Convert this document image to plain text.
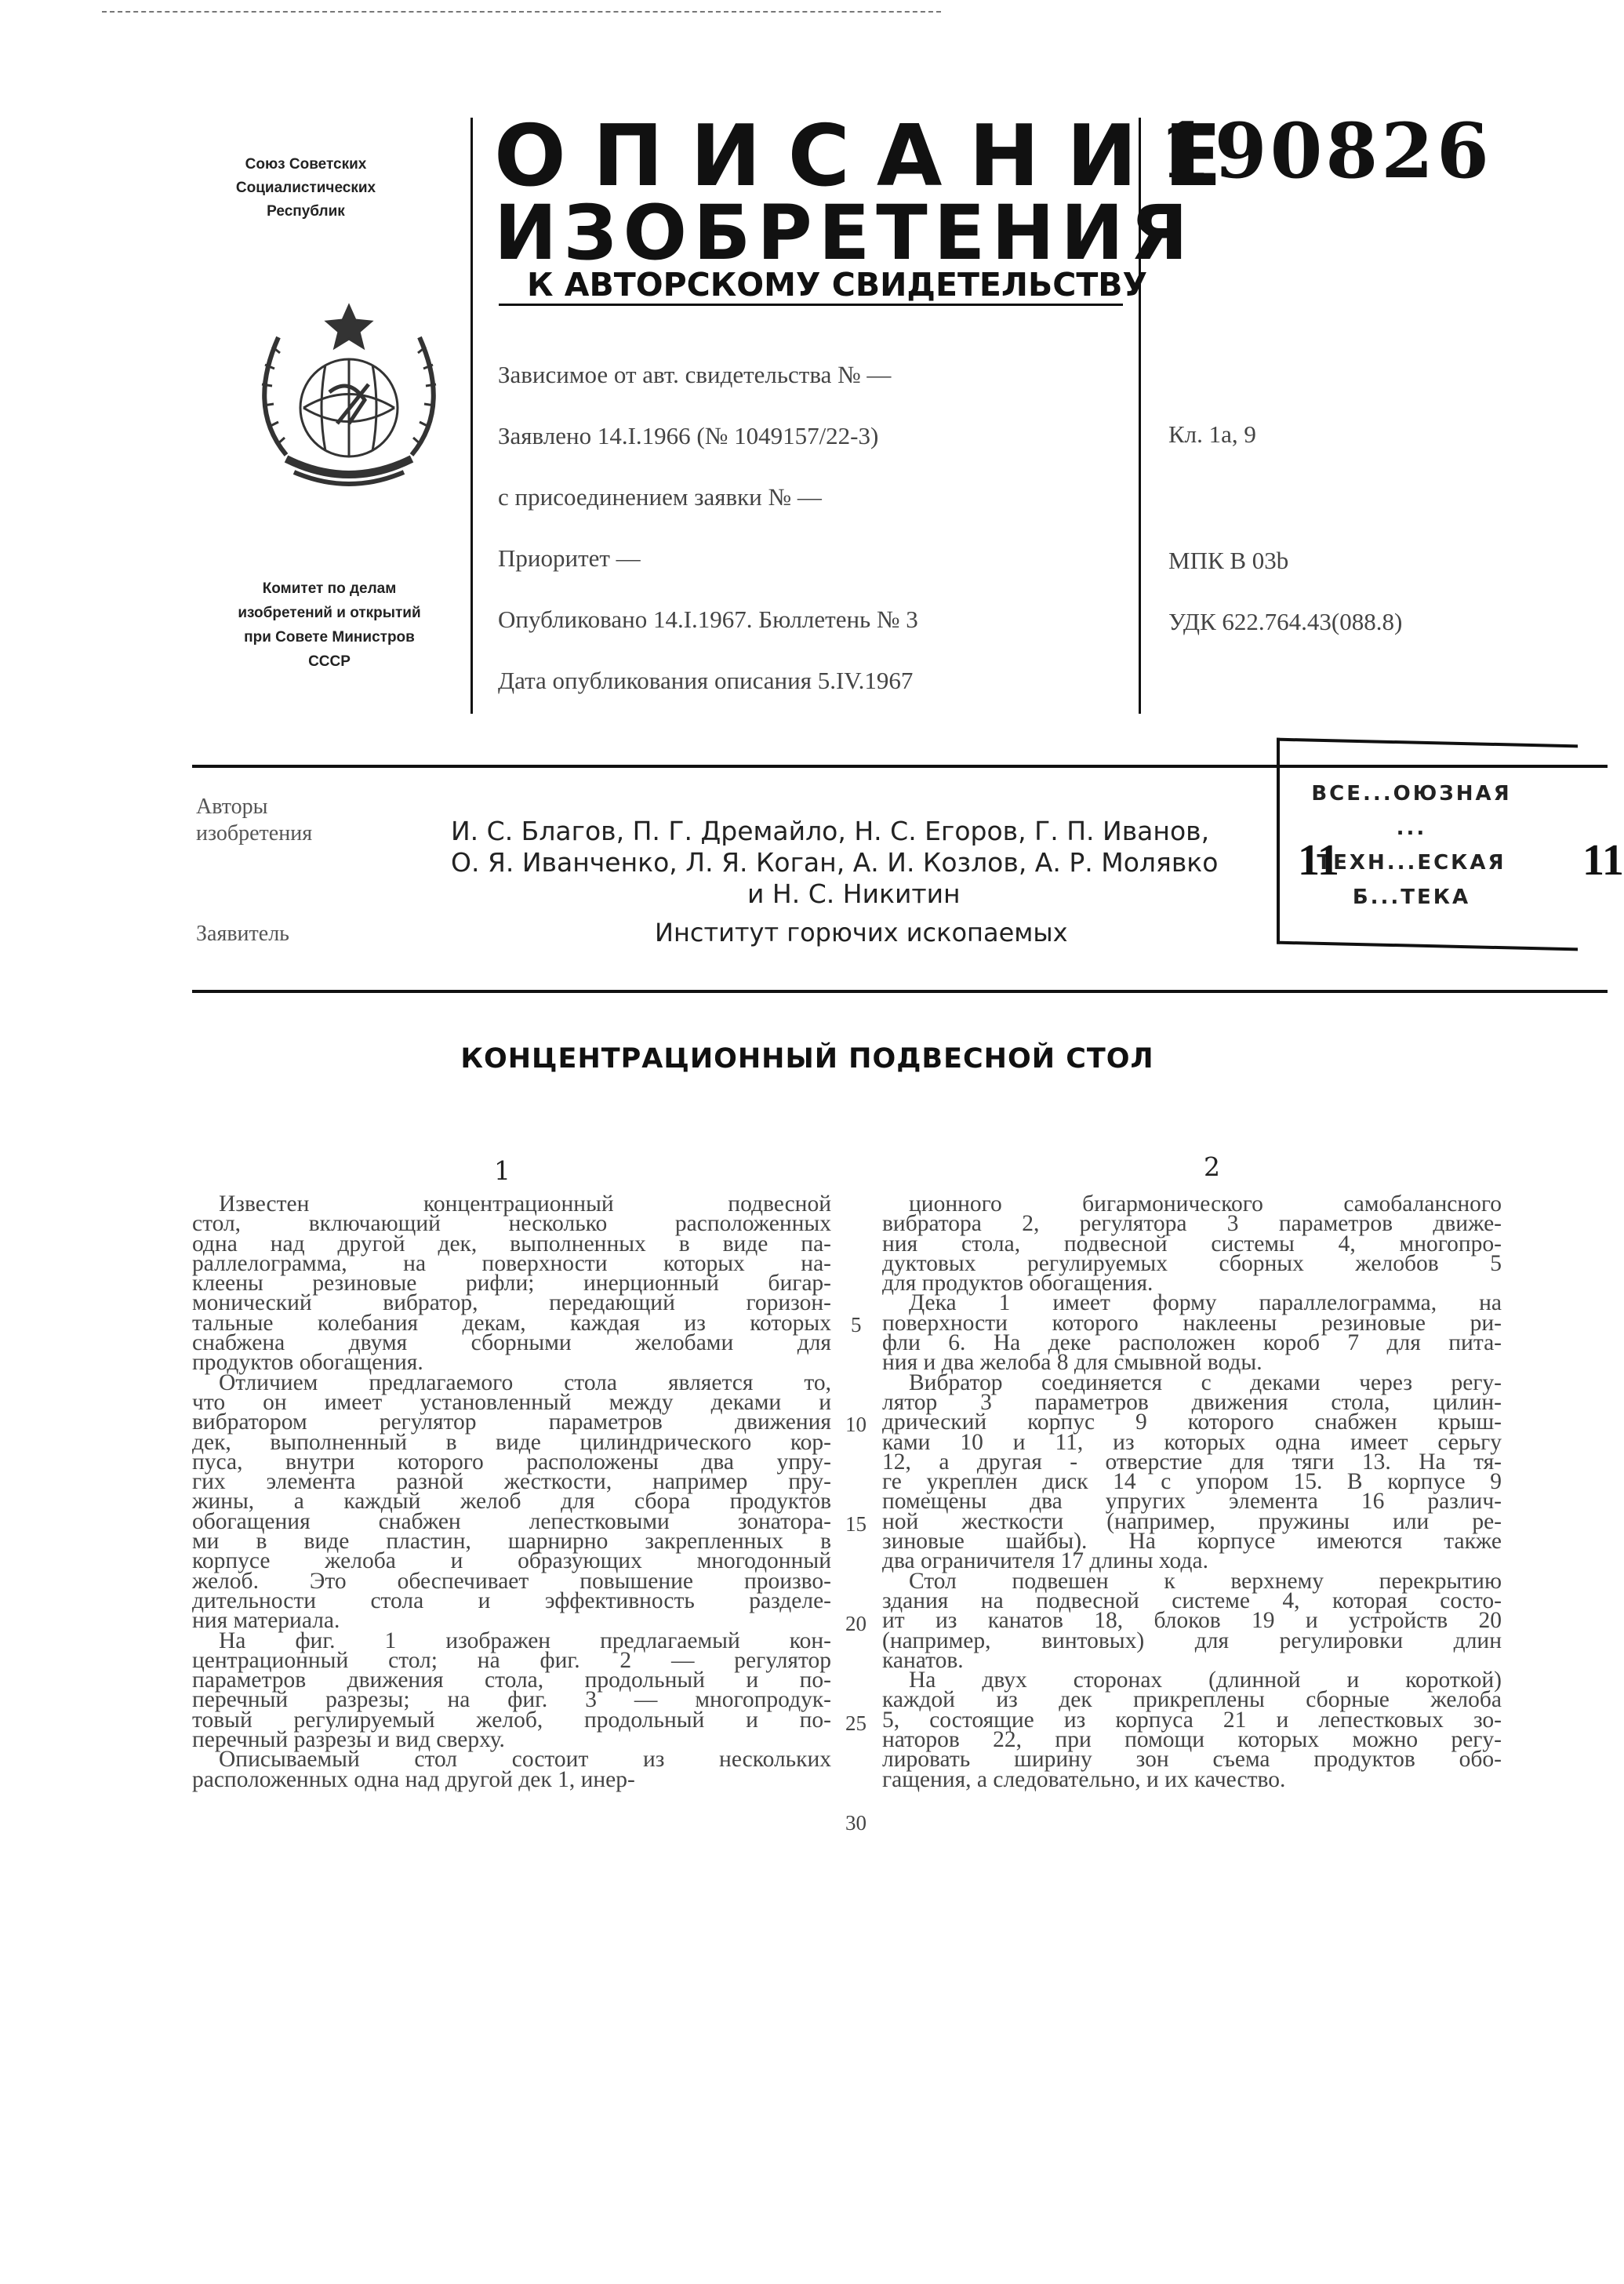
Союз Советских
Социалистических
Республик
Комитет по делам
изобретений и открытий
при Совете Министров
СССР
ОПИСАНИЕ
ИЗОБРЕТЕНИЯ
К АВТОРСКОМУ СВИДЕТЕЛЬСТВУ
190826
Зависимое от авт. свидетельства № —
Заявлено 14.I.1966 (№ 1049157/22-3)
с присоединением заявки № —
Приоритет —
Опубликовано 14.I.1967. Бюллетень № 3
Дата опубликования описания 5.IV.1967
Кл. 1а, 9
МПК В 03b
УДК 622.764.43(088.8)
Авторы
изобретения	И. С. Благов, П. Г. Дремайло, Н. С. Егоров, Г. П. Иванов,
О. Я. Иванченко, Л. Я. Коган, А. И. Козлов, А. Р. Молявко
и Н. С. Никитин
Заявитель	Институт горючих ископаемых
ВСЕ...ОЮЗНАЯ
...
ТЕХН...ЕСКАЯ
Б...ТЕКА
11	11
КОНЦЕНТРАЦИОННЫЙ ПОДВЕСНОЙ СТОЛ
1	2
Известен концентрационный подвесной
стол, включающий несколько расположенных
одна над другой дек, выполненных в виде па-
раллелограмма, на поверхности которых на-
клеены резиновые рифли; инерционный бигар-
монический вибратор, передающий горизон-
тальные колебания декам, каждая из которых
снабжена двумя сборными желобами для
продуктов обогащения.
Отличием предлагаемого стола является то,
что он имеет установленный между деками и
вибратором регулятор параметров движения
дек, выполненный в виде цилиндрического кор-
пуса, внутри которого расположены два упру-
гих элемента разной жесткости, например пру-
жины, а каждый желоб для сбора продуктов
обогащения снабжен лепестковыми зонатора-
ми в виде пластин, шарнирно закрепленных в
корпусе желоба и образующих многодонный
желоб. Это обеспечивает повышение произво-
дительности стола и эффективность разделе-
ния материала.
На фиг. 1 изображен предлагаемый кон-
центрационный стол; на фиг. 2 — регулятор
параметров движения стола, продольный и по-
перечный разрезы; на фиг. 3 — многопродук-
товый регулируемый желоб, продольный и по-
перечный разрезы и вид сверху.
Описываемый стол состоит из нескольких
расположенных одна над другой дек 1, инер-
ционного бигармонического самобалансного
вибратора 2, регулятора 3 параметров движе-
ния стола, подвесной системы 4, многопро-
дуктовых регулируемых сборных желобов 5
для продуктов обогащения.
Дека 1 имеет форму параллелограмма, на
поверхности которого наклеены резиновые ри-
фли 6. На деке расположен короб 7 для пита-
ния и два желоба 8 для смывной воды.
Вибратор соединяется с деками через регу-
лятор 3 параметров движения стола, цилин-
дрический корпус 9 которого снабжен крыш-
ками 10 и 11, из которых одна имеет серьгу
12, а другая - отверстие для тяги 13. На тя-
ге укреплен диск 14 с упором 15. В корпусе 9
помещены два упругих элемента 16 различ-
ной жесткости (например, пружины или ре-
зиновые шайбы). На корпусе имеются также
два ограничителя 17 длины хода.
Стол подвешен к верхнему перекрытию
здания на подвесной системе 4, которая состо-
ит из канатов 18, блоков 19 и устройств 20
(например, винтовых) для регулировки длин
канатов.
На двух сторонах (длинной и короткой)
каждой из дек прикреплены сборные желоба
5, состоящие из корпуса 21 и лепестковых зо-
наторов 22, при помощи которых можно регу-
лировать ширину зон съема продуктов обо-
гащения, а следовательно, и их качество.
5
10
15
20
25
30
